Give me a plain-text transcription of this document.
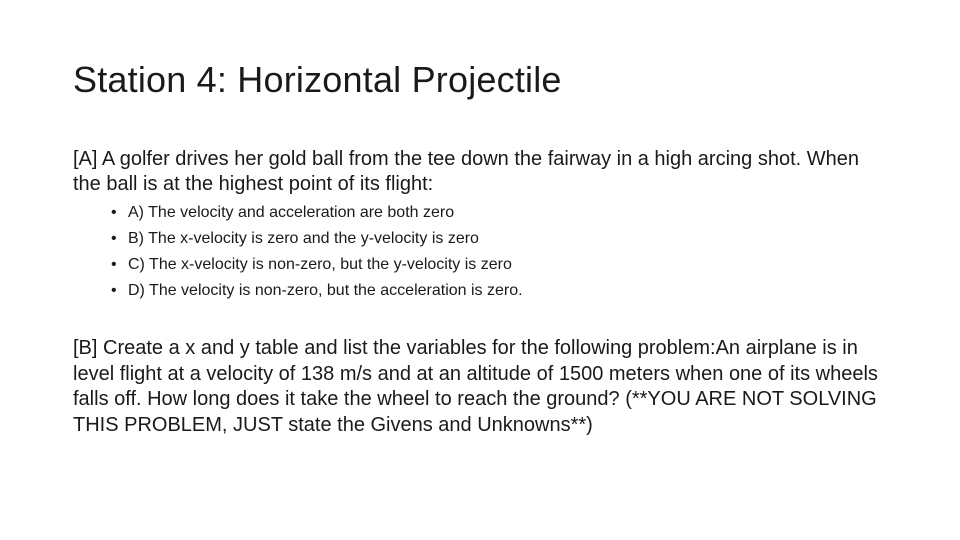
Station 4: Horizontal Projectile
[A] A golfer drives her gold ball from the tee down the fairway in a high arcing shot. When the ball is at the highest point of its flight:
• A) The velocity and acceleration are both zero
• B) The x-velocity is zero and the y-velocity is zero
• C) The x-velocity is non-zero, but the y-velocity is zero
• D) The velocity is non-zero, but the acceleration is zero.
[B] Create a x and y table and list the variables for the following problem:An airplane is in level flight at a velocity of 138 m/s and at an altitude of 1500 meters when one of its wheels falls off. How long does it take the wheel to reach the ground? (**YOU ARE NOT SOLVING THIS PROBLEM, JUST state the Givens and Unknowns**)
